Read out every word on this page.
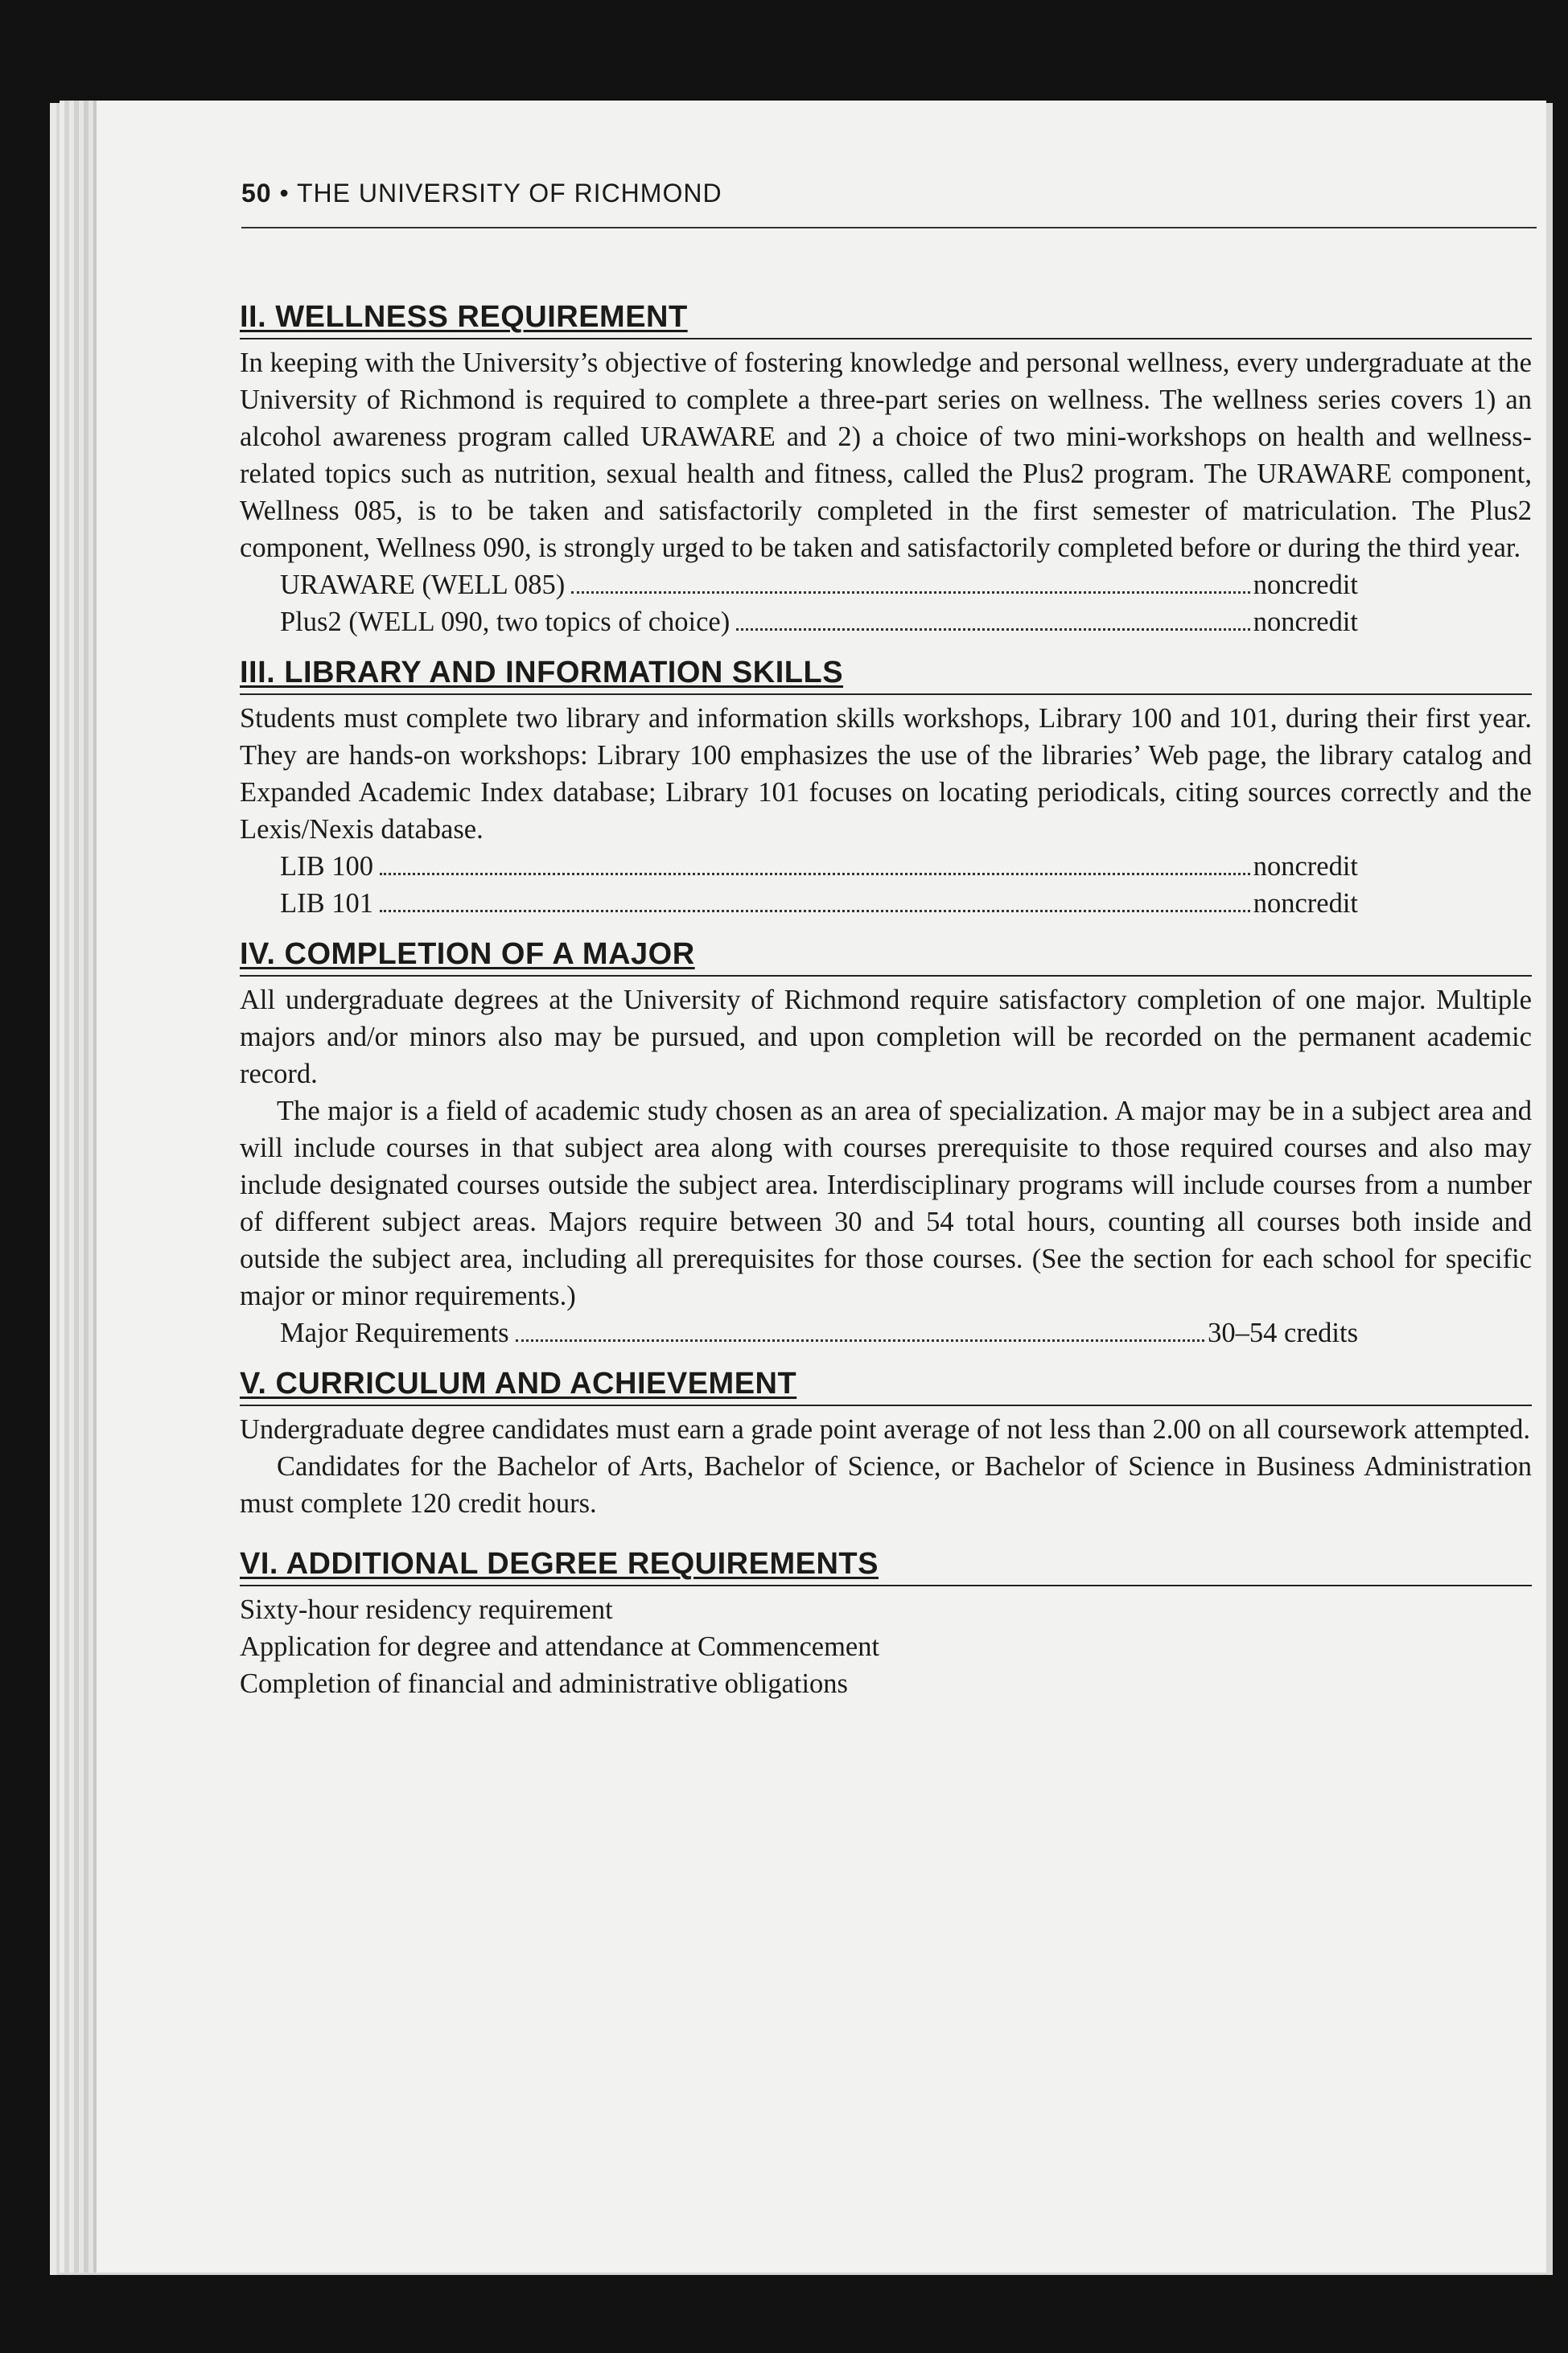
50 • THE UNIVERSITY OF RICHMOND
II. WELLNESS REQUIREMENT

In keeping with the University’s objective of fostering knowledge and personal wellness, every undergraduate at the University of Richmond is required to complete a three-part series on wellness. The wellness series covers 1) an alcohol awareness program called URAWARE and 2) a choice of two mini-workshops on health and wellness-related topics such as nutrition, sexual health and fitness, called the Plus2 program. The URAWARE component, Wellness 085, is to be taken and satisfactorily completed in the first semester of matriculation. The Plus2 component, Wellness 090, is strongly urged to be taken and satisfactorily completed before or during the third year.

URAWARE (WELL 085)	noncredit
Plus2 (WELL 090, two topics of choice)	noncredit
III. LIBRARY AND INFORMATION SKILLS

Students must complete two library and information skills workshops, Library 100 and 101, during their first year. They are hands-on workshops: Library 100 emphasizes the use of the libraries’ Web page, the library catalog and Expanded Academic Index database; Library 101 focuses on locating periodicals, citing sources correctly and the Lexis/Nexis database.

LIB 100	noncredit
LIB 101	noncredit
IV. COMPLETION OF A MAJOR

All undergraduate degrees at the University of Richmond require satisfactory completion of one major. Multiple majors and/or minors also may be pursued, and upon completion will be recorded on the permanent academic record.

The major is a field of academic study chosen as an area of specialization. A major may be in a subject area and will include courses in that subject area along with courses prerequisite to those required courses and also may include designated courses outside the subject area. Interdisciplinary programs will include courses from a number of different subject areas. Majors require between 30 and 54 total hours, counting all courses both inside and outside the subject area, including all prerequisites for those courses. (See the section for each school for specific major or minor requirements.)

Major Requirements	30–54 credits
V. CURRICULUM AND ACHIEVEMENT

Undergraduate degree candidates must earn a grade point average of not less than 2.00 on all coursework attempted.

Candidates for the Bachelor of Arts, Bachelor of Science, or Bachelor of Science in Business Administration must complete 120 credit hours.

VI. ADDITIONAL DEGREE REQUIREMENTS

Sixty-hour residency requirement

Application for degree and attendance at Commencement

Completion of financial and administrative obligations
